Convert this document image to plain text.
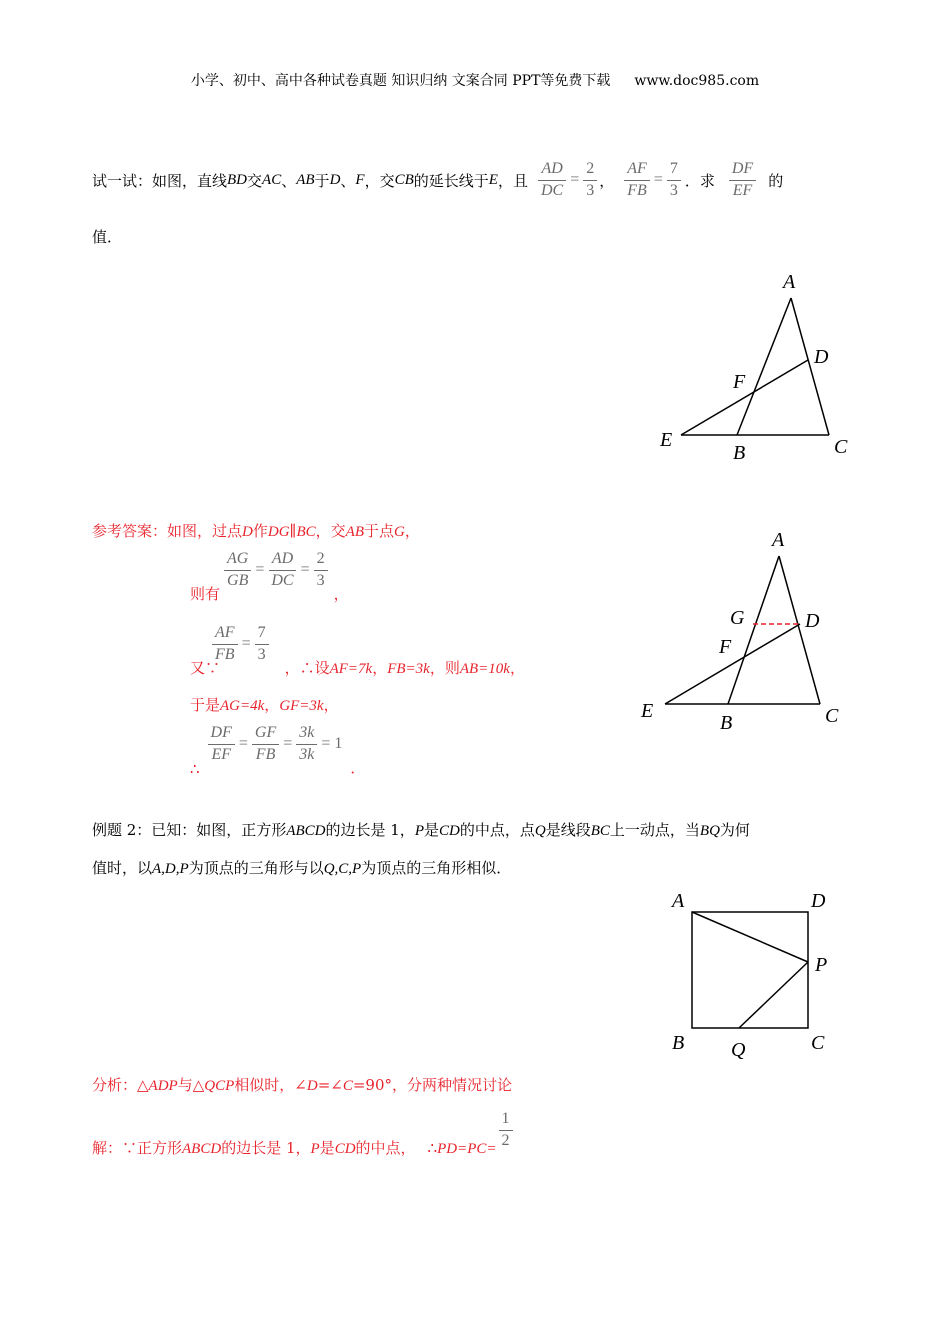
小学、初中、高中各种试卷真题 知识归纳 文案合同 PPT等免费下载 www.doc985.com
试一试：如图，直线 BD 交 AC 、 AB 于 D 、 F ，交 CB 的延长线于 E ，且 $\frac{AD}{DC} = \frac{2}{3}$ ， $\frac{AF}{FB} = \frac{7}{3}$ ．求 $\frac{DF}{EF}$ 的
值．
A
D
F
E
B	C
参考答案：如图，过点D作DG∥BC，交AB于点G，
则有
$\frac{AG}{GB} = \frac{AD}{DC} = \frac{2}{3}$
，
又∵
$\frac{AF}{FB} = \frac{7}{3}$
，∴设AF=7k，FB=3k，则AB=10k，
于是AG=4k，GF=3k，
∴
$\frac{DF}{EF} = \frac{GF}{FB} = \frac{3k}{3k} = 1$
．
A
G	D
F
E
B	C
例题 2：已知：如图，正方形ABCD的边长是 1，P是CD的中点，点Q是线段BC上一动点，当BQ为何
值时，以A,D,P为顶点的三角形与以Q,C,P为顶点的三角形相似．
A	D
P
B Q	C
分析：△ADP与△QCP相似时，∠D=∠C=90°，分两种情况讨论
解：∵正方形ABCD的边长是 1，P是CD的中点， ∴PD=PC= $\frac{1}{2}$
